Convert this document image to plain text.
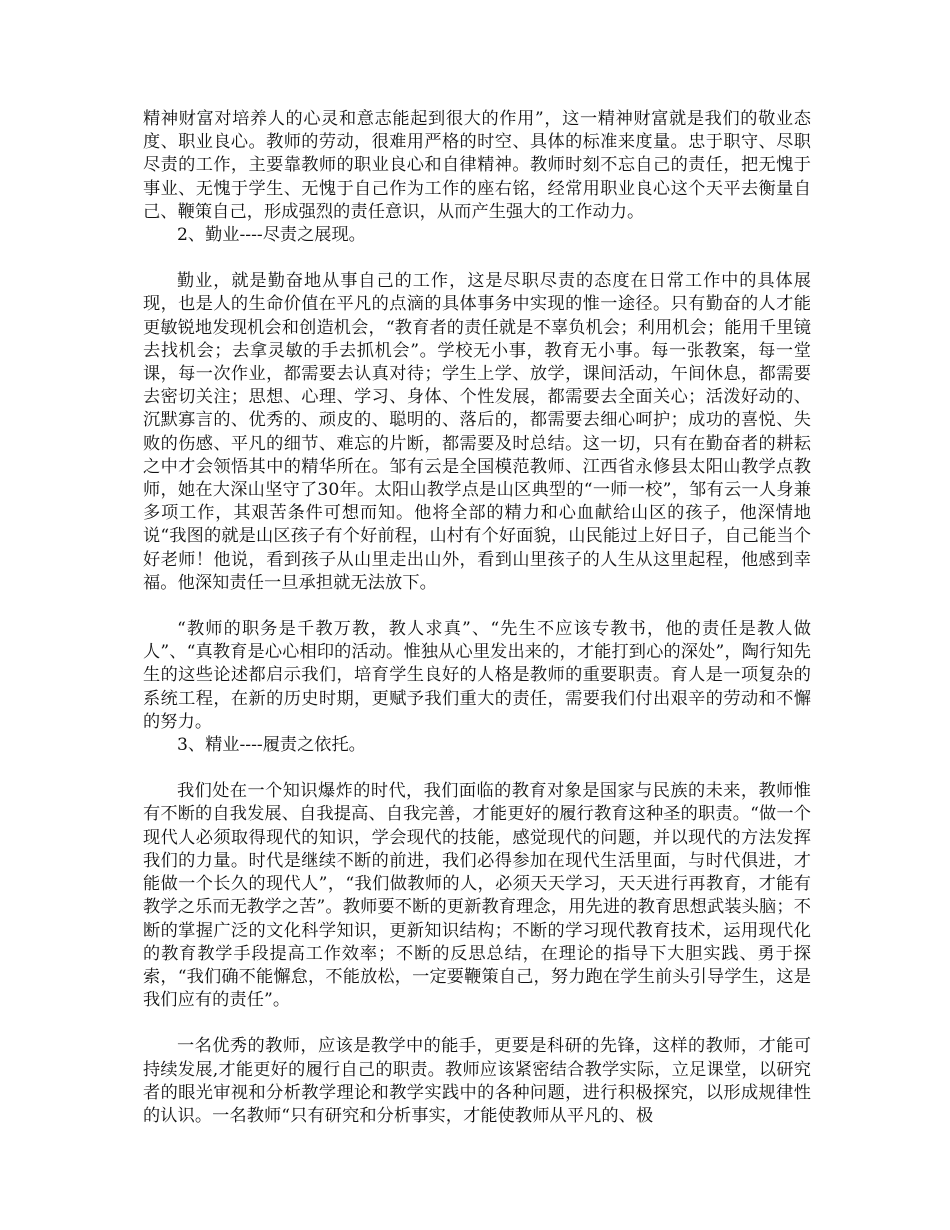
精神财富对培养人的心灵和意志能起到很大的作用”，这一精神财富就是我们的敬业态度、职业良心。教师的劳动，很难用严格的时空、具体的标准来度量。忠于职守、尽职尽责的工作，主要靠教师的职业良心和自律精神。教师时刻不忘自己的责任，把无愧于事业、无愧于学生、无愧于自己作为工作的座右铭，经常用职业良心这个天平去衡量自己、鞭策自己，形成强烈的责任意识，从而产生强大的工作动力。

2、勤业----尽责之展现。

勤业，就是勤奋地从事自己的工作，这是尽职尽责的态度在日常工作中的具体展现，也是人的生命价值在平凡的点滴的具体事务中实现的惟一途径。只有勤奋的人才能更敏锐地发现机会和创造机会，“教育者的责任就是不辜负机会；利用机会；能用千里镜去找机会；去拿灵敏的手去抓机会”。学校无小事，教育无小事。每一张教案，每一堂课，每一次作业，都需要去认真对待；学生上学、放学，课间活动，午间休息，都需要去密切关注；思想、心理、学习、身体、个性发展，都需要去全面关心；活泼好动的、沉默寡言的、优秀的、顽皮的、聪明的、落后的，都需要去细心呵护；成功的喜悦、失败的伤感、平凡的细节、难忘的片断，都需要及时总结。这一切，只有在勤奋者的耕耘之中才会领悟其中的精华所在。邹有云是全国模范教师、江西省永修县太阳山教学点教师，她在大深山坚守了30年。太阳山教学点是山区典型的“一师一校”，邹有云一人身兼多项工作，其艰苦条件可想而知。他将全部的精力和心血献给山区的孩子，他深情地说“我图的就是山区孩子有个好前程，山村有个好面貌，山民能过上好日子，自己能当个好老师！他说，看到孩子从山里走出山外，看到山里孩子的人生从这里起程，他感到幸福。他深知责任一旦承担就无法放下。

“教师的职务是千教万教，教人求真”、“先生不应该专教书，他的责任是教人做人”、“真教育是心心相印的活动。惟独从心里发出来的，才能打到心的深处”，陶行知先生的这些论述都启示我们，培育学生良好的人格是教师的重要职责。育人是一项复杂的系统工程，在新的历史时期，更赋予我们重大的责任，需要我们付出艰辛的劳动和不懈的努力。

3、精业----履责之依托。

我们处在一个知识爆炸的时代，我们面临的教育对象是国家与民族的未来，教师惟有不断的自我发展、自我提高、自我完善，才能更好的履行教育这种圣的职责。“做一个现代人必须取得现代的知识，学会现代的技能，感觉现代的问题，并以现代的方法发挥我们的力量。时代是继续不断的前进，我们必得参加在现代生活里面，与时代俱进，才能做一个长久的现代人”，“我们做教师的人，必须天天学习，天天进行再教育，才能有教学之乐而无教学之苦”。教师要不断的更新教育理念，用先进的教育思想武装头脑；不断的掌握广泛的文化科学知识，更新知识结构；不断的学习现代教育技术，运用现代化的教育教学手段提高工作效率；不断的反思总结，在理论的指导下大胆实践、勇于探索，“我们确不能懈怠，不能放松，一定要鞭策自己，努力跑在学生前头引导学生，这是我们应有的责任”。

一名优秀的教师，应该是教学中的能手，更要是科研的先锋，这样的教师，才能可持续发展,才能更好的履行自己的职责。教师应该紧密结合教学实际，立足课堂，以研究者的眼光审视和分析教学理论和教学实践中的各种问题，进行积极探究，以形成规律性的认识。一名教师“只有研究和分析事实，才能使教师从平凡的、极
